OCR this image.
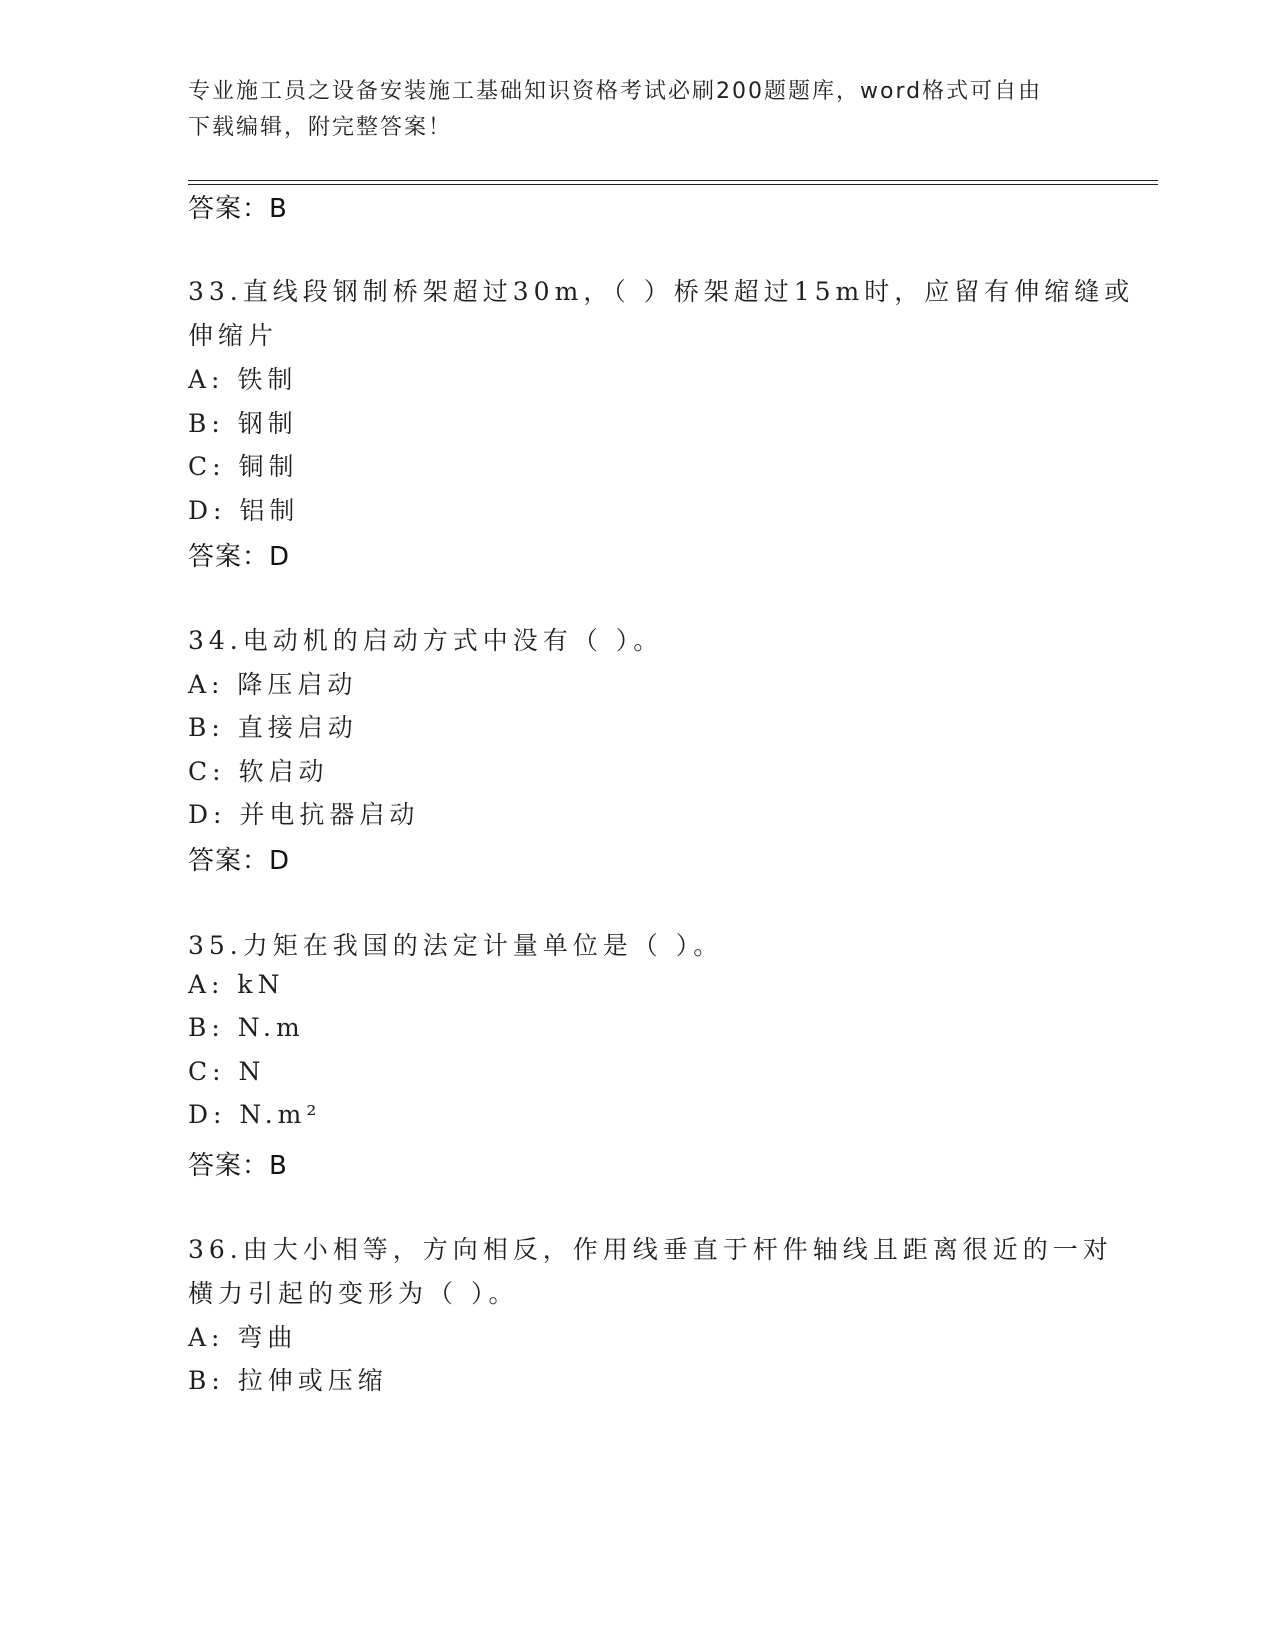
专业施工员之设备安装施工基础知识资格考试必刷200题题库，word格式可自由
下载编辑，附完整答案！
答案：B
33.直线段钢制桥架超过30m，（ ）桥架超过15m时，应留有伸缩缝或
伸缩片
A: 铁制
B: 钢制
C: 铜制
D: 铝制
答案：D
34.电动机的启动方式中没有（ ）。
A: 降压启动
B: 直接启动
C: 软启动
D: 并电抗器启动
答案：D
35.力矩在我国的法定计量单位是（ ）。
A: kN
B: N.m
C: N
D: N.m²
答案：B
36.由大小相等，方向相反，作用线垂直于杆件轴线且距离很近的一对
横力引起的变形为（ ）。
A: 弯曲
B: 拉伸或压缩
